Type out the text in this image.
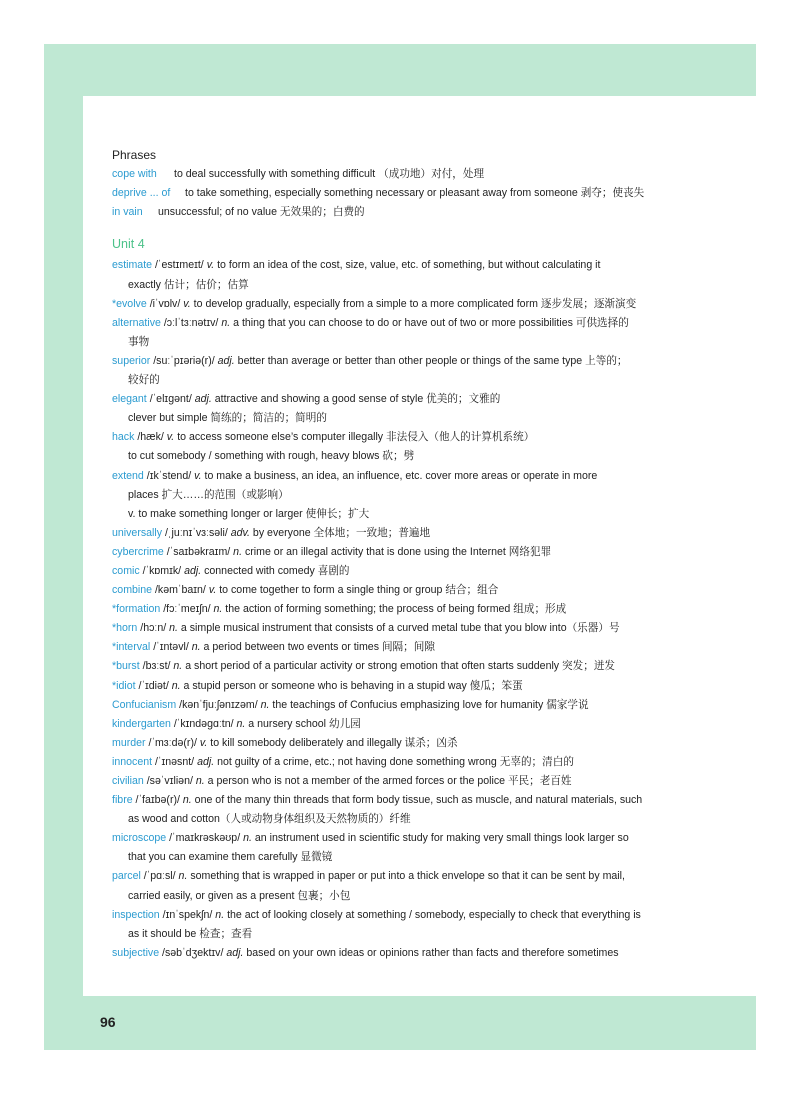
Phrases
cope with to deal successfully with something difficult （成功地）对付，处理
deprive ... of to take something, especially something necessary or pleasant away from someone 剥夺；使丧失
in vain unsuccessful; of no value 无效果的；白费的
Unit 4
estimate /ˈestɪmeɪt/ v. to form an idea of the cost, size, value, etc. of something, but without calculating it
exactly 估计；估价；估算
*evolve /iˈvɒlv/ v. to develop gradually, especially from a simple to a more complicated form 逐步发展；逐渐演变
alternative /ɔːlˈtɜːnətɪv/ n. a thing that you can choose to do or have out of two or more possibilities 可供选择的
事物
superior /suːˈpɪəriə(r)/ adj. better than average or better than other people or things of the same type 上等的；
较好的
elegant /ˈelɪɡənt/ adj. attractive and showing a good sense of style 优美的；文雅的
clever but simple 简练的；简洁的；简明的
hack /hæk/ v. to access someone else’s computer illegally 非法侵入（他人的计算机系统）
to cut somebody / something with rough, heavy blows 砍；劈
extend /ɪkˈstend/ v. to make a business, an idea, an influence, etc. cover more areas or operate in more
places 扩大……的范围（或影响）
v. to make something longer or larger 使伸长；扩大
universally /ˌjuːnɪˈvɜːsəli/ adv. by everyone 全体地；一致地；普遍地
cybercrime /ˈsaɪbəkraɪm/ n. crime or an illegal activity that is done using the Internet 网络犯罪
comic /ˈkɒmɪk/ adj. connected with comedy 喜剧的
combine /kəmˈbaɪn/ v. to come together to form a single thing or group 结合；组合
*formation /fɔːˈmeɪʃn/ n. the action of forming something; the process of being formed 组成；形成
*horn /hɔːn/ n. a simple musical instrument that consists of a curved metal tube that you blow into（乐器）号
*interval /ˈɪntəvl/ n. a period between two events or times 间隔；间隙
*burst /bɜːst/ n. a short period of a particular activity or strong emotion that often starts suddenly 突发；迸发
*idiot /ˈɪdiət/ n. a stupid person or someone who is behaving in a stupid way 傻瓜；笨蛋
Confucianism /kənˈfjuːʃənɪzəm/ n. the teachings of Confucius emphasizing love for humanity 儒家学说
kindergarten /ˈkɪndəɡɑːtn/ n. a nursery school 幼儿园
murder /ˈmɜːdə(r)/ v. to kill somebody deliberately and illegally 谋杀；凶杀
innocent /ˈɪnəsnt/ adj. not guilty of a crime, etc.; not having done something wrong 无辜的；清白的
civilian /səˈvɪliən/ n. a person who is not a member of the armed forces or the police 平民；老百姓
fibre /ˈfaɪbə(r)/ n. one of the many thin threads that form body tissue, such as muscle, and natural materials, such
as wood and cotton（人或动物身体组织及天然物质的）纤维
microscope /ˈmaɪkrəskəʊp/ n. an instrument used in scientific study for making very small things look larger so
that you can examine them carefully 显微镜
parcel /ˈpɑːsl/ n. something that is wrapped in paper or put into a thick envelope so that it can be sent by mail,
carried easily, or given as a present 包裹；小包
inspection /ɪnˈspekʃn/ n. the act of looking closely at something / somebody, especially to check that everything is
as it should be 检查；查看
subjective /səbˈdʒektɪv/ adj. based on your own ideas or opinions rather than facts and therefore sometimes
96
